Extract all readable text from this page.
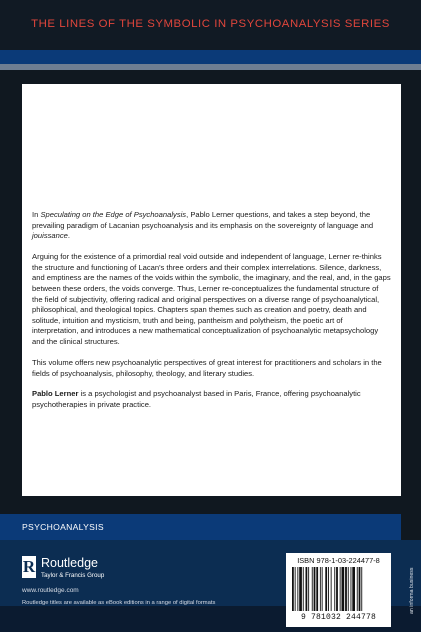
THE LINES OF THE SYMBOLIC IN PSYCHOANALYSIS SERIES

In Speculating on the Edge of Psychoanalysis, Pablo Lerner questions, and takes a step beyond, the prevailing paradigm of Lacanian psychoanalysis and its emphasis on the sovereignty of language and jouissance.

Arguing for the existence of a primordial real void outside and independent of language, Lerner re-thinks the structure and functioning of Lacan's three orders and their complex interrelations. Silence, darkness, and emptiness are the names of the voids within the symbolic, the imaginary, and the real, and, in the gaps between these orders, the voids converge. Thus, Lerner re-conceptualizes the fundamental structure of the field of subjectivity, offering radical and original perspectives on a diverse range of psychoanalytical, philosophical, and theological topics. Chapters span themes such as creation and poetry, death and solitude, intuition and mysticism, truth and being, pantheism and polytheism, the poetic art of interpretation, and introduces a new mathematical conceptualization of psychoanalytic metapsychology and the clinical structures.

This volume offers new psychoanalytic perspectives of great interest for practitioners and scholars in the fields of psychoanalysis, philosophy, theology, and literary studies.

Pablo Lerner is a psychologist and psychoanalyst based in Paris, France, offering psychoanalytic psychotherapies in private practice.

PSYCHOANALYSIS
R Routledge
Taylor & Francis Group
www.routledge.com
Routledge titles are available as eBook editions in a range of digital formats
ISBN 978-1-03-224477-8
9 781032 244778
an informa business
